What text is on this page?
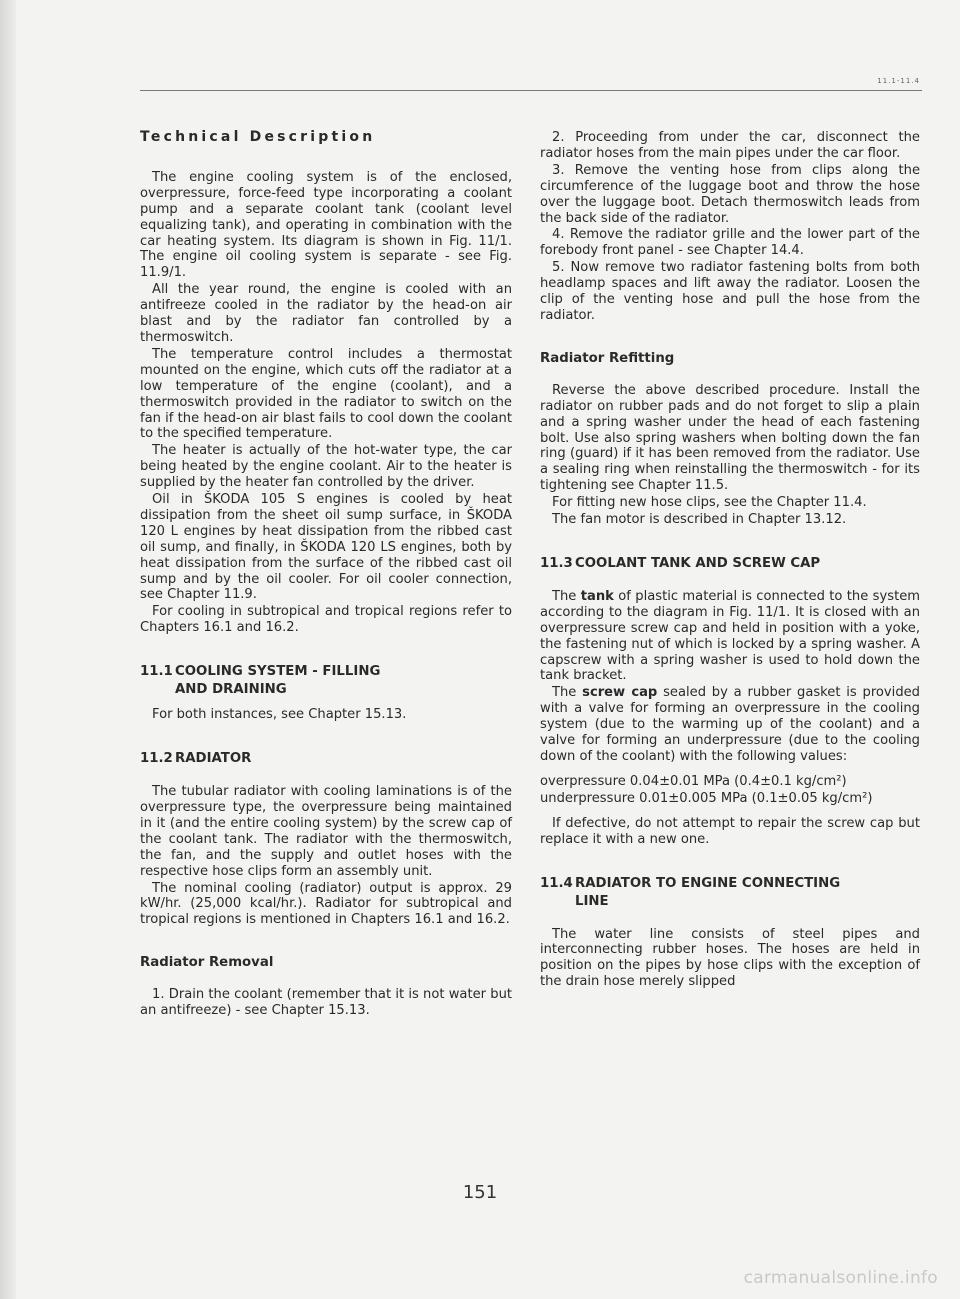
11.1-11.4
Technical Description

The engine cooling system is of the enclosed, overpressure, force-feed type incorporating a coolant pump and a separate coolant tank (coolant level equalizing tank), and operating in combination with the car heating system. Its diagram is shown in Fig. 11/1. The engine oil cooling system is separate - see Fig. 11.9/1.

All the year round, the engine is cooled with an antifreeze cooled in the radiator by the head-on air blast and by the radiator fan controlled by a thermoswitch.

The temperature control includes a thermostat mounted on the engine, which cuts off the radiator at a low temperature of the engine (coolant), and a thermoswitch provided in the radiator to switch on the fan if the head-on air blast fails to cool down the coolant to the specified temperature.

The heater is actually of the hot-water type, the car being heated by the engine coolant. Air to the heater is supplied by the heater fan controlled by the driver.

Oil in ŠKODA 105 S engines is cooled by heat dissipation from the sheet oil sump surface, in ŠKODA 120 L engines by heat dissipation from the ribbed cast oil sump, and finally, in ŠKODA 120 LS engines, both by heat dissipation from the surface of the ribbed cast oil sump and by the oil cooler. For oil cooler connection, see Chapter 11.9.

For cooling in subtropical and tropical regions refer to Chapters 16.1 and 16.2.

11.1 COOLING SYSTEM - FILLING
AND DRAINING

For both instances, see Chapter 15.13.

11.2 RADIATOR

The tubular radiator with cooling laminations is of the overpressure type, the overpressure being maintained in it (and the entire cooling system) by the screw cap of the coolant tank. The radiator with the thermoswitch, the fan, and the supply and outlet hoses with the respective hose clips form an assembly unit.

The nominal cooling (radiator) output is approx. 29 kW/hr. (25,000 kcal/hr.). Radiator for subtropical and tropical regions is mentioned in Chapters 16.1 and 16.2.

Radiator Removal

1. Drain the coolant (remember that it is not water but an antifreeze) - see Chapter 15.13.

2. Proceeding from under the car, disconnect the radiator hoses from the main pipes under the car floor.

3. Remove the venting hose from clips along the circumference of the luggage boot and throw the hose over the luggage boot. Detach thermoswitch leads from the back side of the radiator.

4. Remove the radiator grille and the lower part of the forebody front panel - see Chapter 14.4.

5. Now remove two radiator fastening bolts from both headlamp spaces and lift away the radiator. Loosen the clip of the venting hose and pull the hose from the radiator.

Radiator Refitting

Reverse the above described procedure. Install the radiator on rubber pads and do not forget to slip a plain and a spring washer under the head of each fastening bolt. Use also spring washers when bolting down the fan ring (guard) if it has been removed from the radiator. Use a sealing ring when reinstalling the thermoswitch - for its tightening see Chapter 11.5.

For fitting new hose clips, see the Chapter 11.4.

The fan motor is described in Chapter 13.12.

11.3 COOLANT TANK AND SCREW CAP

The tank of plastic material is connected to the system according to the diagram in Fig. 11/1. It is closed with an overpressure screw cap and held in position with a yoke, the fastening nut of which is locked by a spring washer. A capscrew with a spring washer is used to hold down the tank bracket.

The screw cap sealed by a rubber gasket is provided with a valve for forming an overpressure in the cooling system (due to the warming up of the coolant) and a valve for forming an underpressure (due to the cooling down of the coolant) with the following values:

overpressure 0.04±0.01 MPa (0.4±0.1 kg/cm²)

underpressure 0.01±0.005 MPa (0.1±0.05 kg/cm²)

If defective, do not attempt to repair the screw cap but replace it with a new one.

11.4 RADIATOR TO ENGINE CONNECTING
LINE

The water line consists of steel pipes and interconnecting rubber hoses. The hoses are held in position on the pipes by hose clips with the exception of the drain hose merely slipped

151
carmanualsonline.info
